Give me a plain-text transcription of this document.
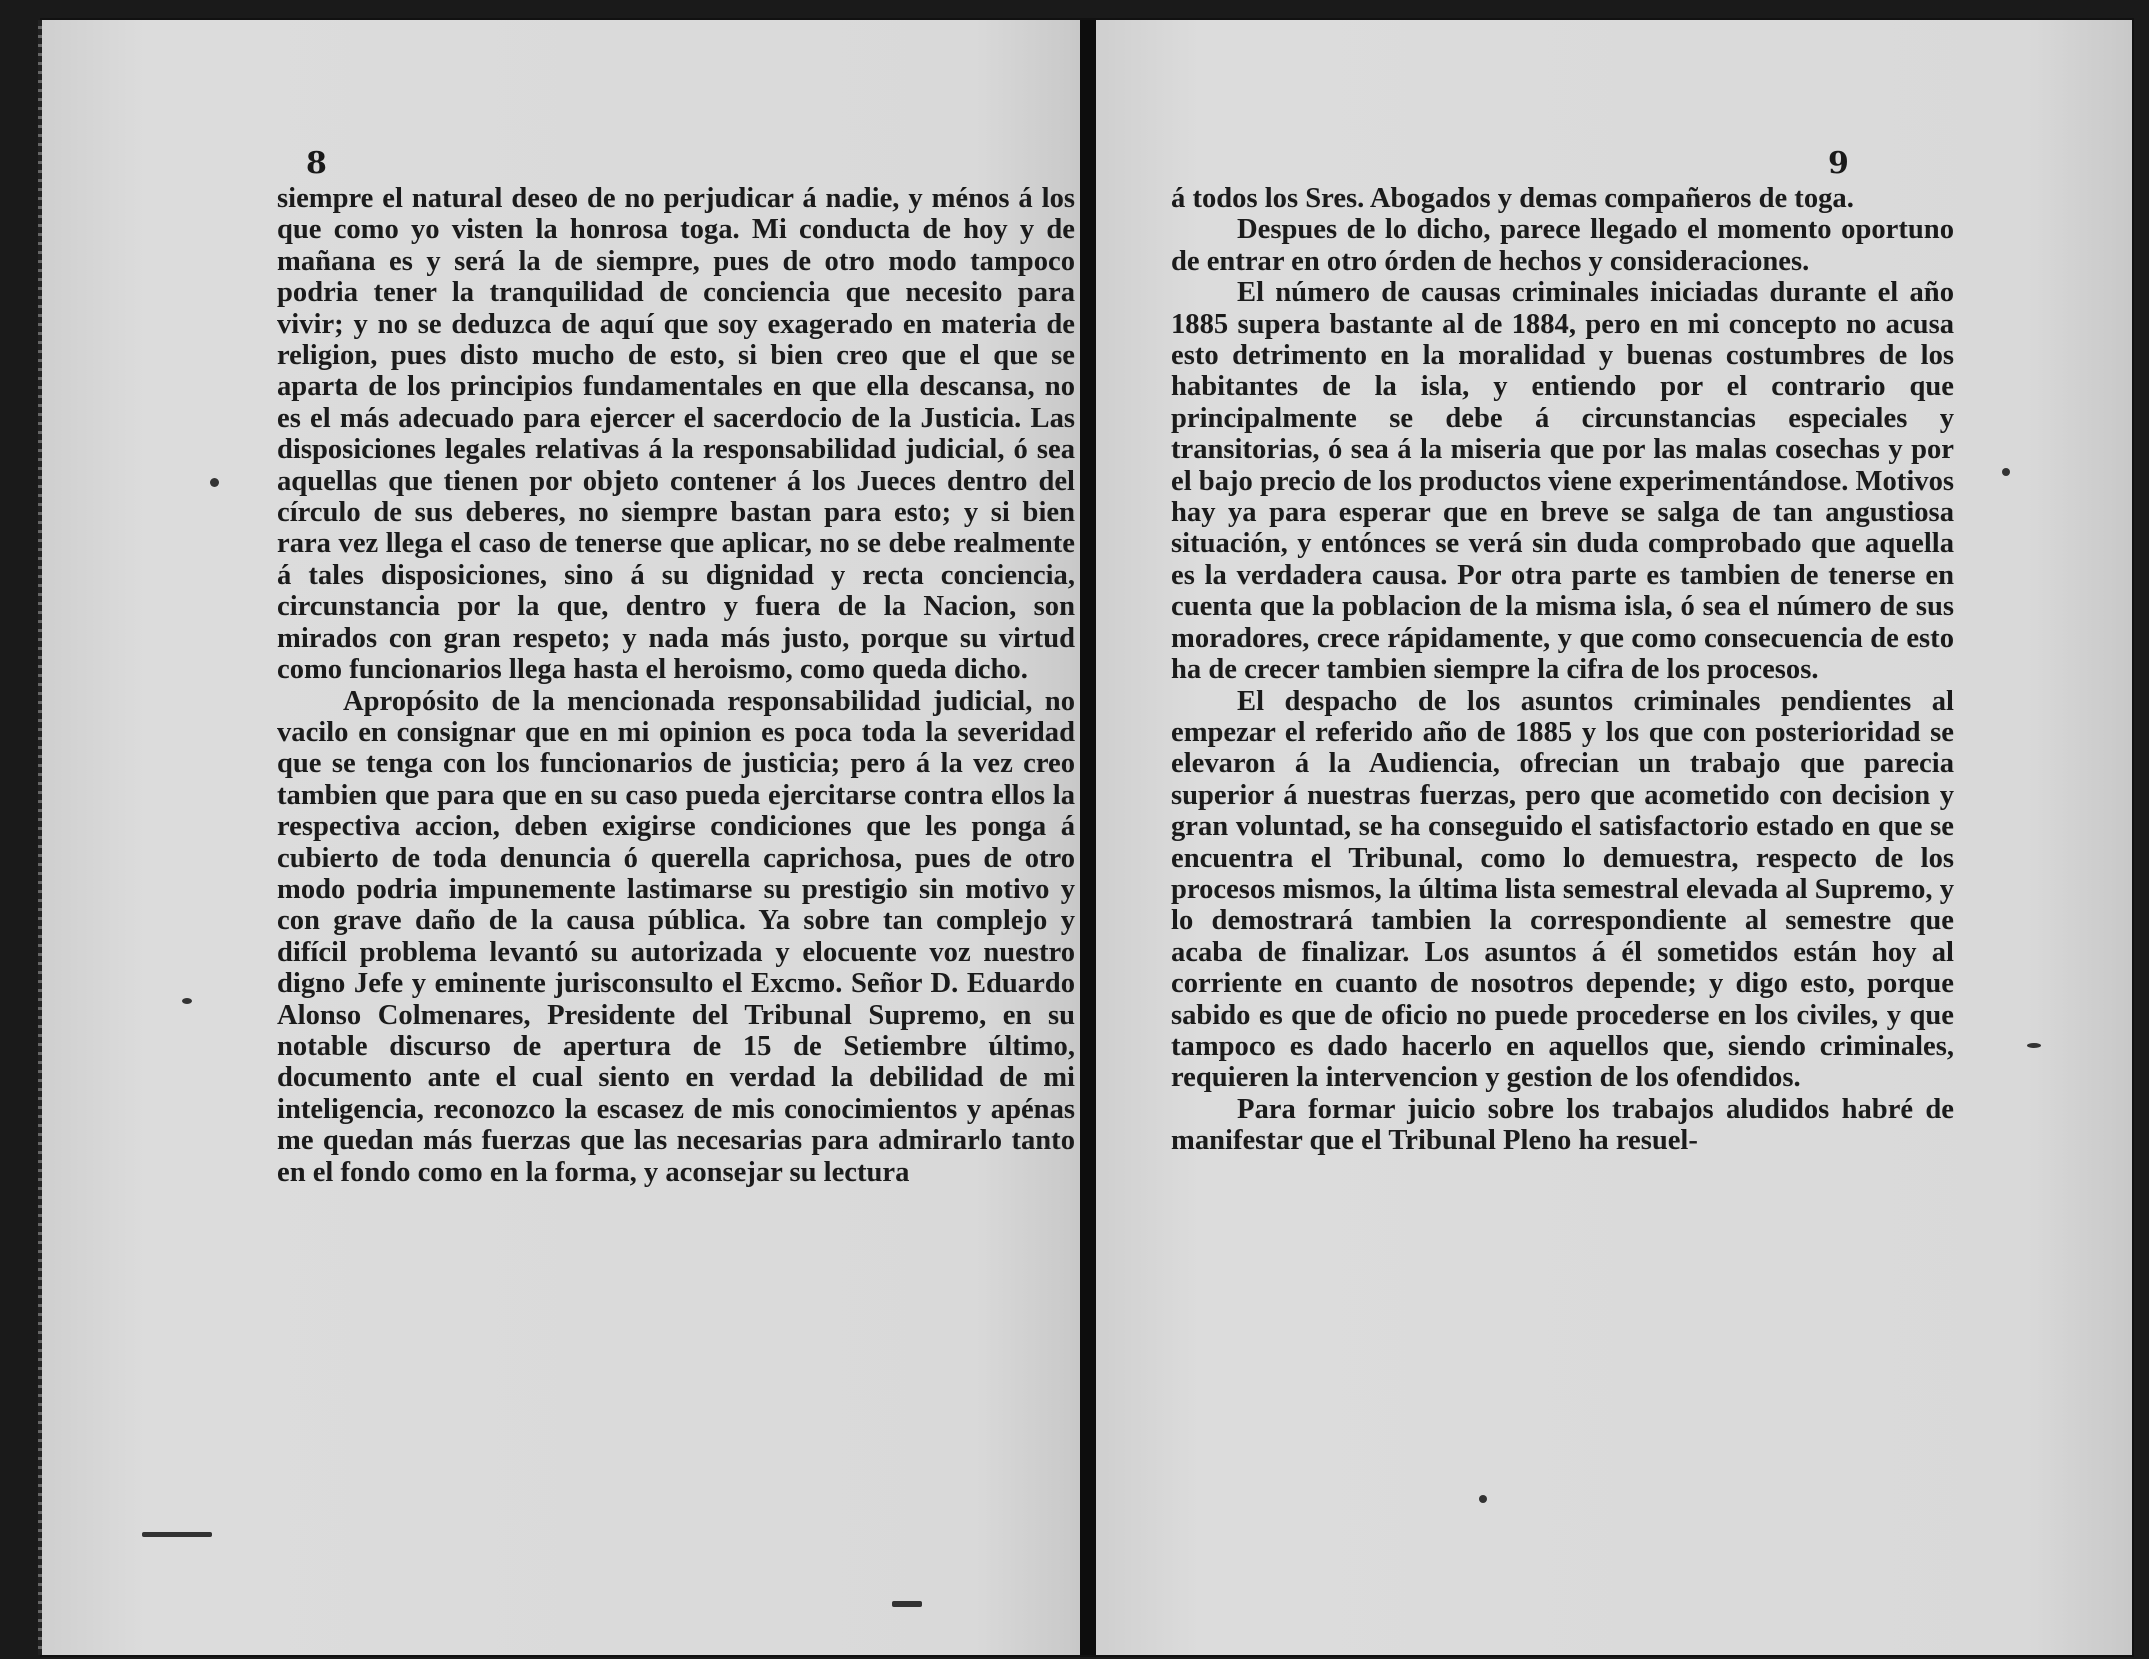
siempre el natural deseo de no perjudicar á nadie, y ménos á los que como yo visten la honrosa toga. Mi conducta de hoy y de mañana es y será la de siempre, pues de otro modo tampoco podria tener la tranquilidad de conciencia que necesito para vivir; y no se deduzca de aquí que soy exagerado en materia de religion, pues disto mucho de esto, si bien creo que el que se aparta de los principios fundamentales en que ella descansa, no es el más adecuado para ejercer el sacerdocio de la Justicia. Las disposiciones legales relativas á la responsabilidad judicial, ó sea aquellas que tienen por objeto contener á los Jueces dentro del círculo de sus deberes, no siempre bastan para esto; y si bien rara vez llega el caso de tenerse que aplicar, no se debe realmente á tales disposiciones, sino á su dignidad y recta conciencia, circunstancia por la que, dentro y fuera de la Nacion, son mirados con gran respeto; y nada más justo, porque su virtud como funcionarios llega hasta el heroismo, como queda dicho.

Apropósito de la mencionada responsabilidad judicial, no vacilo en consignar que en mi opinion es poca toda la severidad que se tenga con los funcionarios de justicia; pero á la vez creo tambien que para que en su caso pueda ejercitarse contra ellos la respectiva accion, deben exigirse condiciones que les ponga á cubierto de toda denuncia ó querella caprichosa, pues de otro modo podria impunemente lastimarse su prestigio sin motivo y con grave daño de la causa pública. Ya sobre tan complejo y difícil problema levantó su autorizada y elocuente voz nuestro digno Jefe y eminente jurisconsulto el Excmo. Señor D. Eduardo Alonso Colmenares, Presidente del Tribunal Supremo, en su notable discurso de apertura de 15 de Setiembre último, documento ante el cual siento en verdad la debilidad de mi inteligencia, reconozco la escasez de mis conocimientos y apénas me quedan más fuerzas que las necesarias para admirarlo tanto en el fondo como en la forma, y aconsejar su lectura

á todos los Sres. Abogados y demas compañeros de toga.

Despues de lo dicho, parece llegado el momento oportuno de entrar en otro órden de hechos y consideraciones.

El número de causas criminales iniciadas durante el año 1885 supera bastante al de 1884, pero en mi concepto no acusa esto detrimento en la moralidad y buenas costumbres de los habitantes de la isla, y entiendo por el contrario que principalmente se debe á circunstancias especiales y transitorias, ó sea á la miseria que por las malas cosechas y por el bajo precio de los productos viene experimentándose. Motivos hay ya para esperar que en breve se salga de tan angustiosa situación, y entónces se verá sin duda comprobado que aquella es la verdadera causa. Por otra parte es tambien de tenerse en cuenta que la poblacion de la misma isla, ó sea el número de sus moradores, crece rápidamente, y que como consecuencia de esto ha de crecer tambien siempre la cifra de los procesos.

El despacho de los asuntos criminales pendientes al empezar el referido año de 1885 y los que con posterioridad se elevaron á la Audiencia, ofrecian un trabajo que parecia superior á nuestras fuerzas, pero que acometido con decision y gran voluntad, se ha conseguido el satisfactorio estado en que se encuentra el Tribunal, como lo demuestra, respecto de los procesos mismos, la última lista semestral elevada al Supremo, y lo demostrará tambien la correspondiente al semestre que acaba de finalizar. Los asuntos á él sometidos están hoy al corriente en cuanto de nosotros depende; y digo esto, porque sabido es que de oficio no puede procederse en los civiles, y que tampoco es dado hacerlo en aquellos que, siendo criminales, requieren la intervencion y gestion de los ofendidos.

Para formar juicio sobre los trabajos aludidos habré de manifestar que el Tribunal Pleno ha resuel-

8	9
